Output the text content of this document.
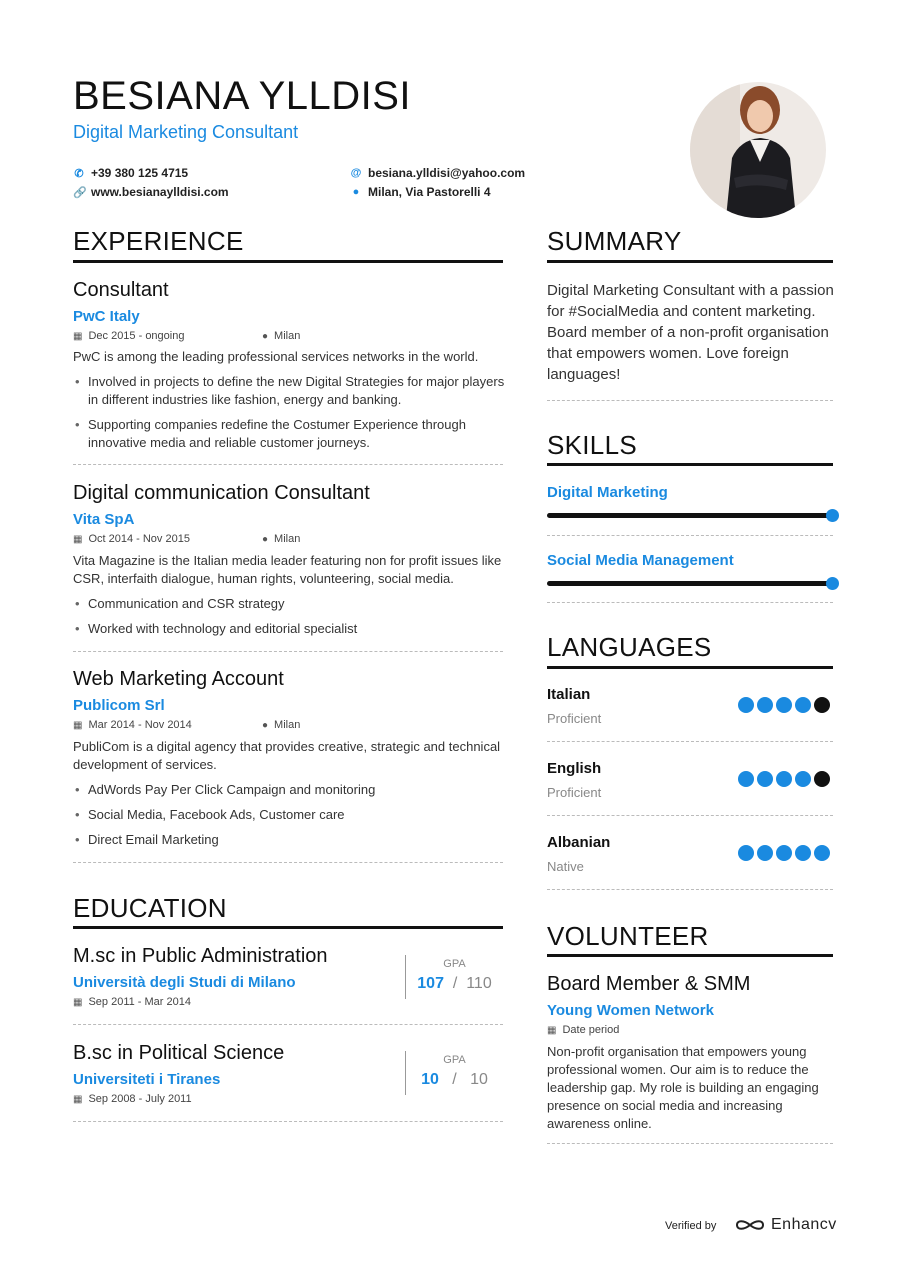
BESIANA YLLDISI
Digital Marketing Consultant
✆ +39 380 125 4715
🔗 www.besianaylldisi.com
@ besiana.ylldisi@yahoo.com
● Milan, Via Pastorelli 4
EXPERIENCE
Consultant
PwC Italy
▦ Dec 2015 - ongoing	● Milan
PwC is among the leading professional services networks in the world.
• Involved in projects to define the new Digital Strategies for major players in different industries like fashion, energy and banking.
• Supporting companies redefine the Costumer Experience through innovative media and reliable customer journeys.
Digital communication Consultant
Vita SpA
▦ Oct 2014 - Nov 2015	● Milan
Vita Magazine is the Italian media leader featuring non for profit issues like CSR, interfaith dialogue, human rights, volunteering, social media.
• Communication and CSR strategy
• Worked with technology and editorial specialist
Web Marketing Account
Publicom Srl
▦ Mar 2014 - Nov 2014	● Milan
PubliCom is a digital agency that provides creative, strategic and technical development of services.
• AdWords Pay Per Click Campaign and monitoring
• Social Media, Facebook Ads, Customer care
• Direct Email Marketing
EDUCATION
M.sc in Public Administration
Università degli Studi di Milano
▦ Sep 2011 - Mar 2014
GPA
107 / 110
B.sc in Political Science
Universiteti i Tiranes
▦ Sep 2008 - July 2011
GPA
10 / 10
SUMMARY
Digital Marketing Consultant with a passion for #SocialMedia and content marketing. Board member of a non-profit organisation that empowers women. Love foreign languages!
SKILLS
Digital Marketing
Social Media Management
LANGUAGES
Italian
Proficient
English
Proficient
Albanian
Native
VOLUNTEER
Board Member & SMM
Young Women Network
▦ Date period
Non-profit organisation that empowers young professional women. Our aim is to reduce the leadership gap. My role is building an engaging presence on social media and increasing awareness online.
Verified by	Enhancv
